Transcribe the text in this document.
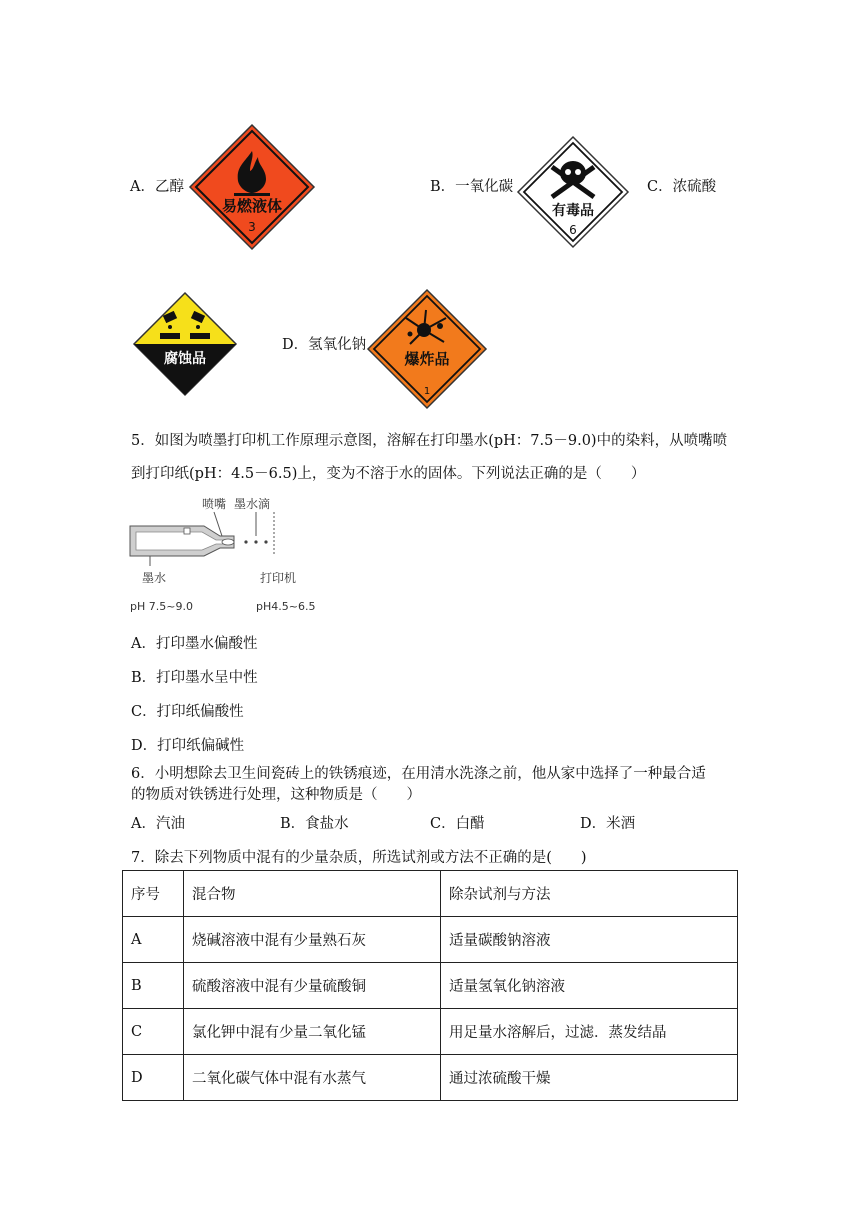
A．乙醇
易燃液体
3
B．一氧化碳
有毒品
6
C．浓硫酸
腐蚀品
D．氢氧化钠
爆炸品
1
5．如图为喷墨打印机工作原理示意图，溶解在打印墨水(pH：7.5－9.0)中的染料，从喷嘴喷
到打印纸(pH：4.5－6.5)上，变为不溶于水的固体。下列说法正确的是（　　）
喷嘴 墨水滴
墨水	打印机
pH 7.5~9.0	pH4.5~6.5
A．打印墨水偏酸性
B．打印墨水呈中性
C．打印纸偏酸性
D．打印纸偏碱性
6．小明想除去卫生间瓷砖上的铁锈痕迹，在用清水洗涤之前，他从家中选择了一种最合适
的物质对铁锈进行处理，这种物质是（　　）
A．汽油	B．食盐水	C．白醋	D．米酒
7．除去下列物质中混有的少量杂质，所选试剂或方法不正确的是(　　)
序号	混合物	除杂试剂与方法
A	烧碱溶液中混有少量熟石灰	适量碳酸钠溶液
B	硫酸溶液中混有少量硫酸铜	适量氢氧化钠溶液
C	氯化钾中混有少量二氧化锰	用足量水溶解后，过滤．蒸发结晶
D	二氧化碳气体中混有水蒸气	通过浓硫酸干燥
